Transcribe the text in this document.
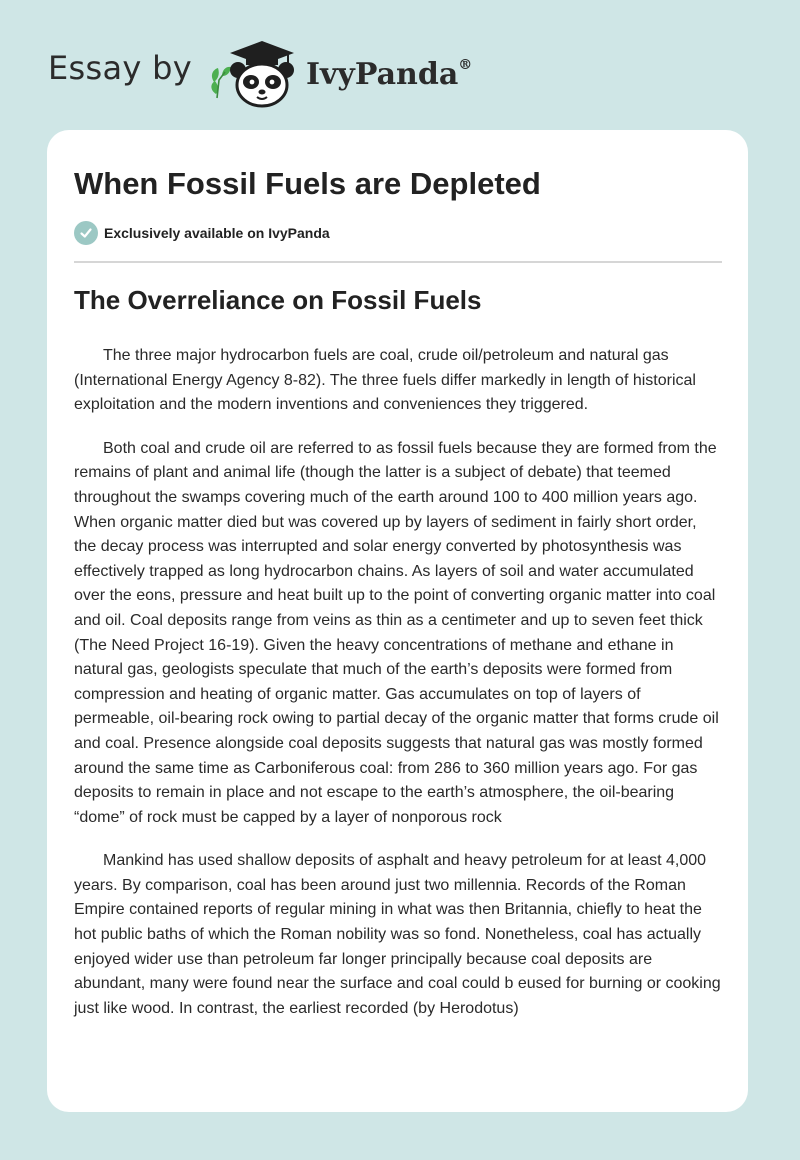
Essay by	IvyPanda®
When Fossil Fuels are Depleted
Exclusively available on IvyPanda
The Overreliance on Fossil Fuels

The three major hydrocarbon fuels are coal, crude oil/petroleum and natural gas (International Energy Agency 8-82). The three fuels differ markedly in length of historical exploitation and the modern inventions and conveniences they triggered.

Both coal and crude oil are referred to as fossil fuels because they are formed from the remains of plant and animal life (though the latter is a subject of debate) that teemed throughout the swamps covering much of the earth around 100 to 400 million years ago. When organic matter died but was covered up by layers of sediment in fairly short order, the decay process was interrupted and solar energy converted by photosynthesis was effectively trapped as long hydrocarbon chains. As layers of soil and water accumulated over the eons, pressure and heat built up to the point of converting organic matter into coal and oil. Coal deposits range from veins as thin as a centimeter and up to seven feet thick (The Need Project 16-19). Given the heavy concentrations of methane and ethane in natural gas, geologists speculate that much of the earth’s deposits were formed from compression and heating of organic matter. Gas accumulates on top of layers of permeable, oil-bearing rock owing to partial decay of the organic matter that forms crude oil and coal. Presence alongside coal deposits suggests that natural gas was mostly formed around the same time as Carboniferous coal: from 286 to 360 million years ago. For gas deposits to remain in place and not escape to the earth’s atmosphere, the oil-bearing “dome” of rock must be capped by a layer of nonporous rock

Mankind has used shallow deposits of asphalt and heavy petroleum for at least 4,000 years. By comparison, coal has been around just two millennia. Records of the Roman Empire contained reports of regular mining in what was then Britannia, chiefly to heat the hot public baths of which the Roman nobility was so fond. Nonetheless, coal has actually enjoyed wider use than petroleum far longer principally because coal deposits are abundant, many were found near the surface and coal could b eused for burning or cooking just like wood. In contrast, the earliest recorded (by Herodotus)
